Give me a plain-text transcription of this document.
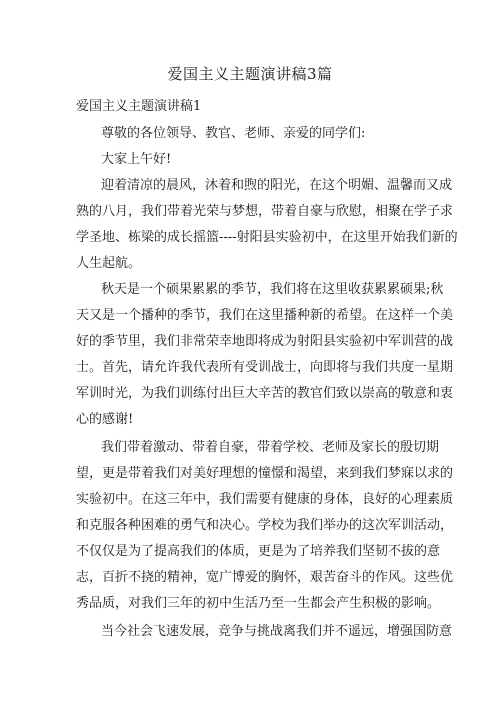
爱国主义主题演讲稿3篇
爱国主义主题演讲稿1
尊敬的各位领导、教官、老师、亲爱的同学们:
大家上午好!
迎着清凉的晨风，沐着和煦的阳光，在这个明媚、温馨而又成
熟的八月，我们带着光荣与梦想，带着自豪与欣慰，相聚在学子求
学圣地、栋梁的成长摇篮----射阳县实验初中，在这里开始我们新的
人生起航。
秋天是一个硕果累累的季节，我们将在这里收获累累硕果;秋
天又是一个播种的季节，我们在这里播种新的希望。在这样一个美
好的季节里，我们非常荣幸地即将成为射阳县实验初中军训营的战
士。首先，请允许我代表所有受训战士，向即将与我们共度一星期
军训时光，为我们训练付出巨大辛苦的教官们致以崇高的敬意和衷
心的感谢!
我们带着激动、带着自豪，带着学校、老师及家长的殷切期
望，更是带着我们对美好理想的憧憬和渴望，来到我们梦寐以求的
实验初中。在这三年中，我们需要有健康的身体，良好的心理素质
和克服各种困难的勇气和决心。学校为我们举办的这次军训活动，
不仅仅是为了提高我们的体质，更是为了培养我们坚韧不拔的意
志，百折不挠的精神，宽广博爱的胸怀，艰苦奋斗的作风。这些优
秀品质，对我们三年的初中生活乃至一生都会产生积极的影响。
当今社会飞速发展，竞争与挑战离我们并不遥远，增强国防意
